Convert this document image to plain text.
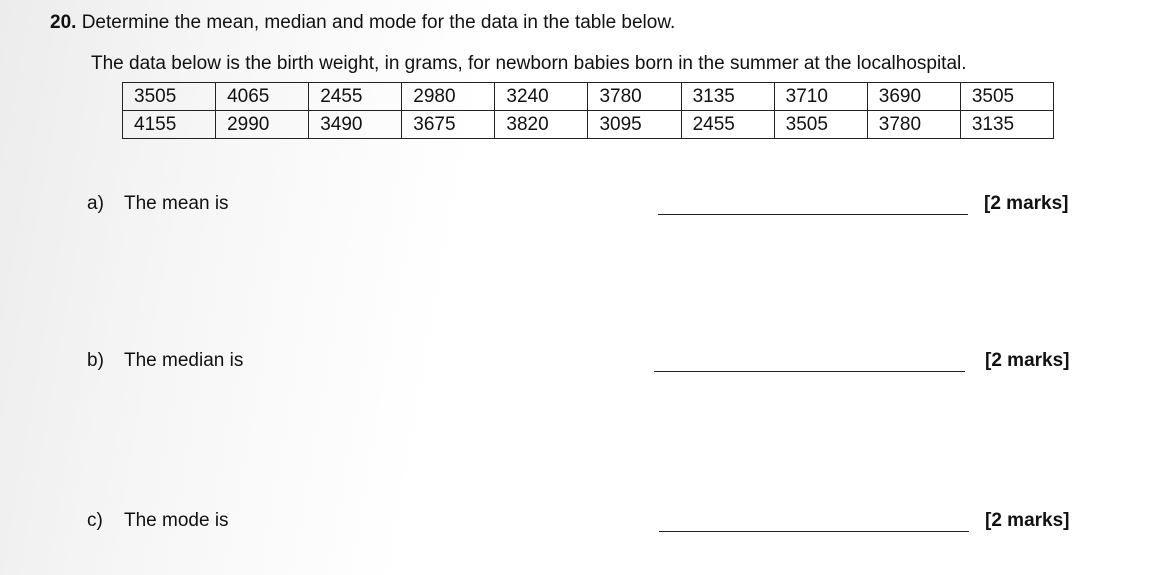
20. Determine the mean, median and mode for the data in the table below.
The data below is the birth weight, in grams, for newborn babies born in the summer at the localhospital.
3505	4065	2455	2980	3240	3780	3135	3710	3690	3505
4155	2990	3490	3675	3820	3095	2455	3505	3780	3135
a) The mean is	[2 marks]
b) The median is	[2 marks]
c) The mode is	[2 marks]
